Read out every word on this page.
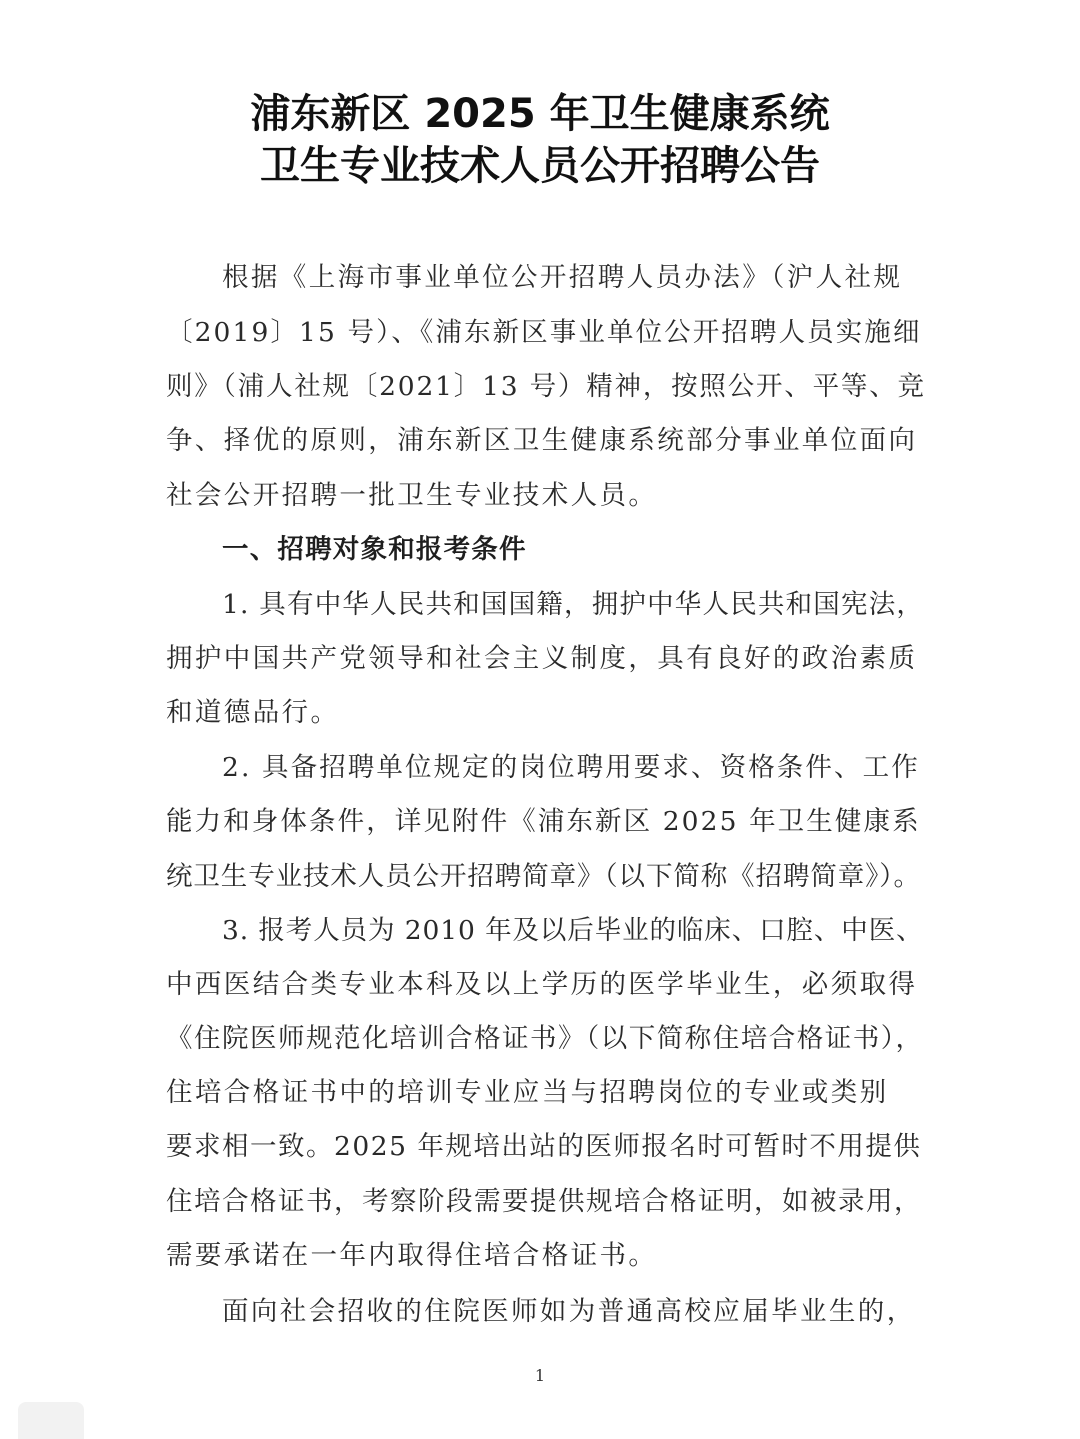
浦东新区 2025 年卫生健康系统
卫生专业技术人员公开招聘公告
根据《上海市事业单位公开招聘人员办法》（沪人社规
〔2019〕15 号）、《浦东新区事业单位公开招聘人员实施细
则》（浦人社规〔2021〕13 号）精神，按照公开、平等、竞
争、择优的原则，浦东新区卫生健康系统部分事业单位面向
社会公开招聘一批卫生专业技术人员。
一、招聘对象和报考条件
1. 具有中华人民共和国国籍，拥护中华人民共和国宪法，
拥护中国共产党领导和社会主义制度，具有良好的政治素质
和道德品行。
2. 具备招聘单位规定的岗位聘用要求、资格条件、工作
能力和身体条件，详见附件《浦东新区 2025 年卫生健康系
统卫生专业技术人员公开招聘简章》（以下简称《招聘简章》）。
3. 报考人员为 2010 年及以后毕业的临床、口腔、中医、
中西医结合类专业本科及以上学历的医学毕业生，必须取得
《住院医师规范化培训合格证书》（以下简称住培合格证书），
住培合格证书中的培训专业应当与招聘岗位的专业或类别
要求相一致。2025 年规培出站的医师报名时可暂时不用提供
住培合格证书，考察阶段需要提供规培合格证明，如被录用，
需要承诺在一年内取得住培合格证书。
面向社会招收的住院医师如为普通高校应届毕业生的，
1
